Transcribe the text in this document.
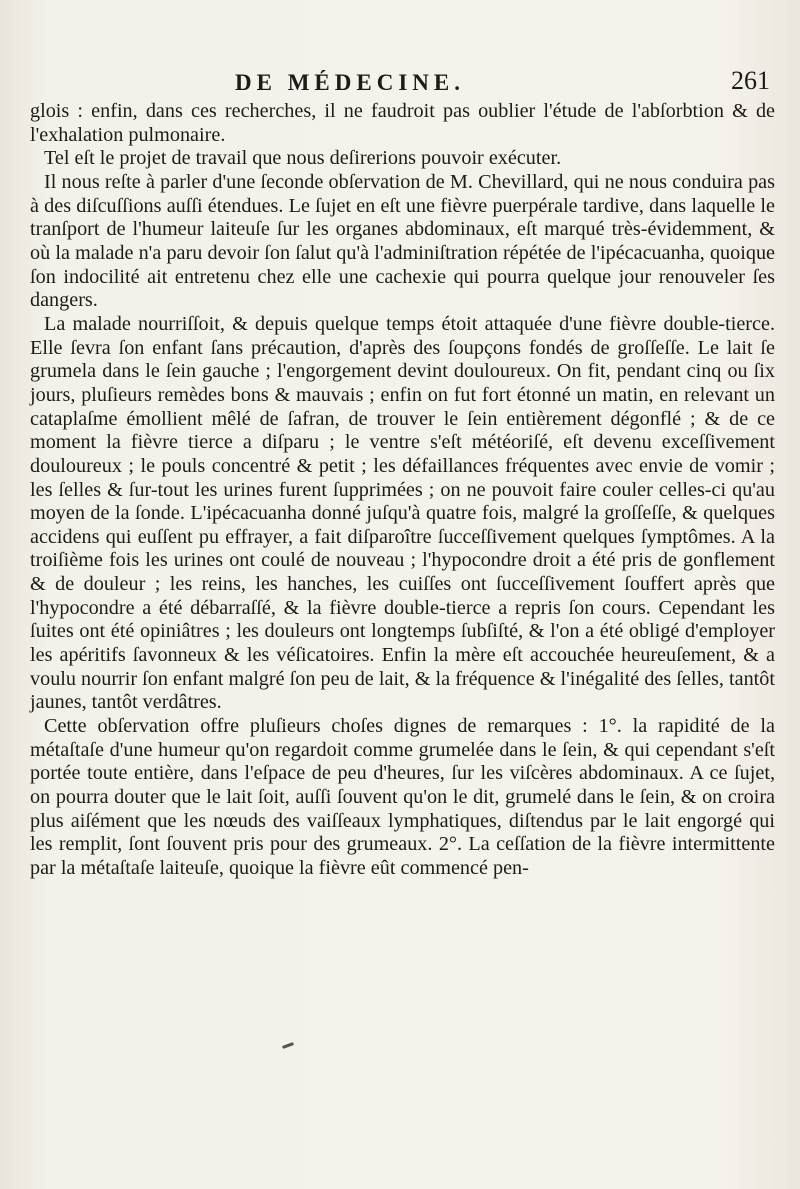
DE MÉDECINE.	261

glois : enfin, dans ces recherches, il ne faudroit pas oublier l'étude de l'abſorbtion & de l'exhalation pulmonaire.

Tel eſt le projet de travail que nous deſirerions pouvoir exécuter.

Il nous reſte à parler d'une ſeconde obſervation de M. Chevillard, qui ne nous conduira pas à des diſcuſſions auſſi étendues. Le ſujet en eſt une fièvre puerpérale tardive, dans laquelle le tranſport de l'humeur laiteuſe ſur les organes abdominaux, eſt marqué très-évidemment, & où la malade n'a paru devoir ſon ſalut qu'à l'adminiſtration répétée de l'ipécacuanha, quoique ſon indocilité ait entretenu chez elle une cachexie qui pourra quelque jour renouveler ſes dangers.

La malade nourriſſoit, & depuis quelque temps étoit attaquée d'une fièvre double-tierce. Elle ſevra ſon enfant ſans précaution, d'après des ſoupçons fondés de groſſeſſe. Le lait ſe grumela dans le ſein gauche ; l'engorgement devint douloureux. On fit, pendant cinq ou ſix jours, pluſieurs remèdes bons & mauvais ; enfin on fut fort étonné un matin, en relevant un cataplaſme émollient mêlé de ſafran, de trouver le ſein entièrement dégonflé ; & de ce moment la fièvre tierce a diſparu ; le ventre s'eſt météoriſé, eſt devenu exceſſivement douloureux ; le pouls concentré & petit ; les défaillances fréquentes avec envie de vomir ; les ſelles & ſur-tout les urines furent ſupprimées ; on ne pouvoit faire couler celles-ci qu'au moyen de la ſonde. L'ipécacuanha donné juſqu'à quatre fois, malgré la groſſeſſe, & quelques accidens qui euſſent pu effrayer, a fait diſparoître ſucceſſivement quelques ſymptômes. A la troiſième fois les urines ont coulé de nouveau ; l'hypocondre droit a été pris de gonflement & de douleur ; les reins, les hanches, les cuiſſes ont ſucceſſivement ſouffert après que l'hypocondre a été débarraſſé, & la fièvre double-tierce a repris ſon cours. Cependant les ſuites ont été opiniâtres ; les douleurs ont longtemps ſubſiſté, & l'on a été obligé d'employer les apéritifs ſavonneux & les véſicatoires. Enfin la mère eſt accouchée heureuſement, & a voulu nourrir ſon enfant malgré ſon peu de lait, & la fréquence & l'inégalité des ſelles, tantôt jaunes, tantôt verdâtres.

Cette obſervation offre pluſieurs choſes dignes de remarques : 1°. la rapidité de la métaſtaſe d'une humeur qu'on regardoit comme grumelée dans le ſein, & qui cependant s'eſt portée toute entière, dans l'eſpace de peu d'heures, ſur les viſcères abdominaux. A ce ſujet, on pourra douter que le lait ſoit, auſſi ſouvent qu'on le dit, grumelé dans le ſein, & on croira plus aiſément que les nœuds des vaiſſeaux lymphatiques, diſtendus par le lait engorgé qui les remplit, ſont ſouvent pris pour des grumeaux. 2°. La ceſſation de la fièvre intermittente par la métaſtaſe laiteuſe, quoique la fièvre eût commencé pen-
